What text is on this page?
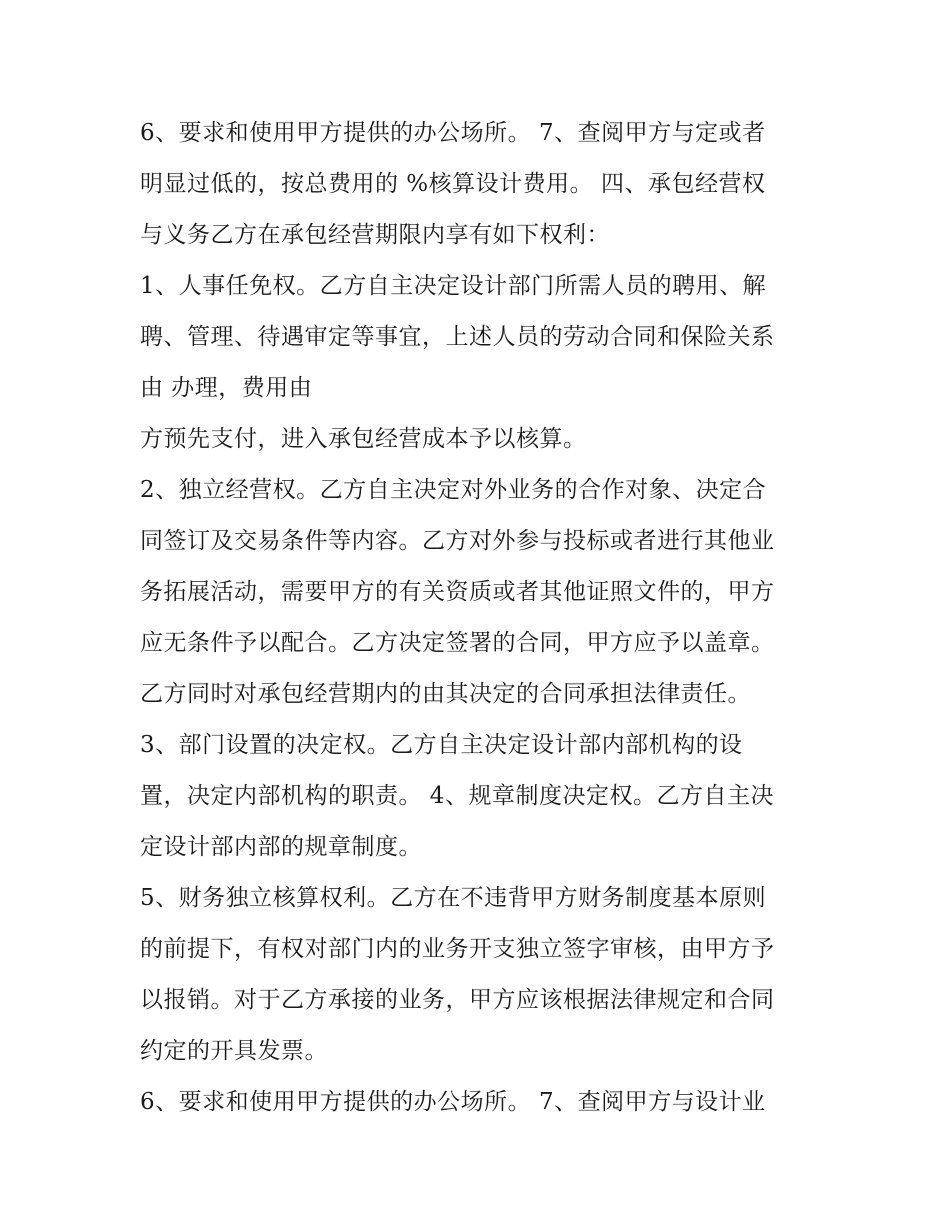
6、要求和使用甲方提供的办公场所。 7、查阅甲方与定或者
明显过低的，按总费用的 %核算设计费用。 四、承包经营权
与义务乙方在承包经营期限内享有如下权利：
1、人事任免权。乙方自主决定设计部门所需人员的聘用、解
聘、管理、待遇审定等事宜，上述人员的劳动合同和保险关系
由 办理，费用由
方预先支付，进入承包经营成本予以核算。
2、独立经营权。乙方自主决定对外业务的合作对象、决定合
同签订及交易条件等内容。乙方对外参与投标或者进行其他业
务拓展活动，需要甲方的有关资质或者其他证照文件的，甲方
应无条件予以配合。乙方决定签署的合同，甲方应予以盖章。
乙方同时对承包经营期内的由其决定的合同承担法律责任。
3、部门设置的决定权。乙方自主决定设计部内部机构的设
置，决定内部机构的职责。 4、规章制度决定权。乙方自主决
定设计部内部的规章制度。
5、财务独立核算权利。乙方在不违背甲方财务制度基本原则
的前提下，有权对部门内的业务开支独立签字审核，由甲方予
以报销。对于乙方承接的业务，甲方应该根据法律规定和合同
约定的开具发票。
6、要求和使用甲方提供的办公场所。 7、查阅甲方与设计业
